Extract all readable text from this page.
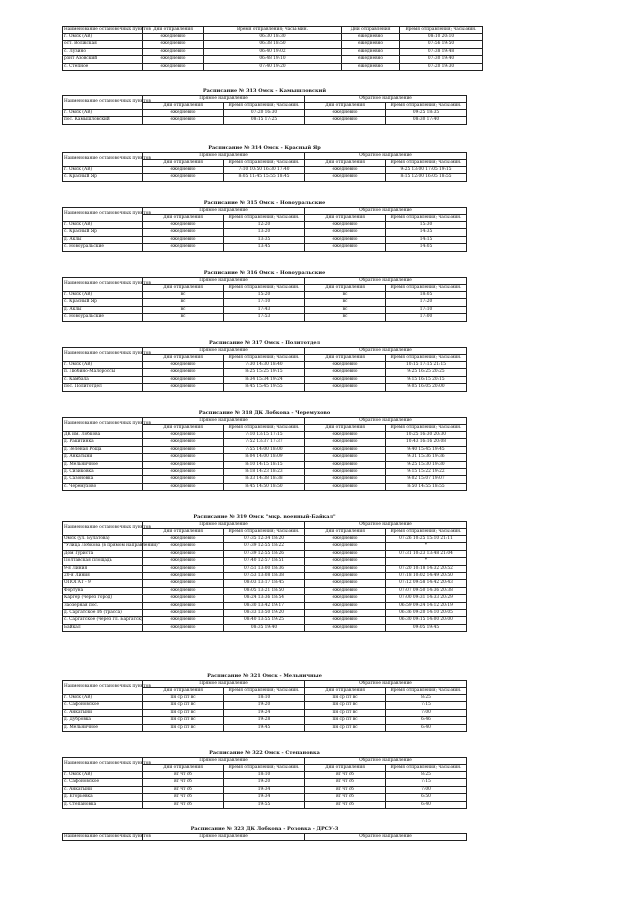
Наименование остановочных пунктов	Дни отправления	Время отправления; часы:мин.	Дни отправления	Время отправления; часы:мин.
г. Омск (АВ)	ежедневно	06:30 18:30	ежедневно	08:10 20:10
ост. Волжская	ежедневно	06:38 18:50	ежедневно	07:56 19:50
с. Лузино	ежедневно	06:40 19:02	ежедневно	07:38 19:48
рзнт Азовский	ежедневно	06:48 19:10	ежедневно	07:30 19:40
с. Степное	ежедневно	07:40 19:20	ежедневно	07:20 19:30
Расписание № 313 Омск - Камышловский
Наименование остановочных пунктов	Прямое направление		Обратное направление	
	Дни отправления	Время отправления; часы:мин.	Дни отправления	Время отправления; часы:мин.
г. Омск (АВ)	ежедневно	07:20 16:30	ежедневно	09:25 18:35
пос. Камышловский	ежедневно	08:15 17:25	ежедневно	08:30 17:40
Расписание № 314 Омск - Красный Яр
Наименование остановочных пунктов	Прямое направление		Обратное направление	
	Дни отправления	Время отправления; часы:мин.	Дни отправления	Время отправления; часы:мин.
г. Омск (АВ)	ежедневно	7:10 10:50 16:30 17:40	ежедневно	9:25 13:00 17:05 19:15
с. Красный Яр	ежедневно	8:05 11:45 15:55 18:45	ежедневно	8:15 12:00 16:05 18:55
Расписание № 315 Омск - Новоуральские
Наименование остановочных пунктов	Прямое направление		Обратное направление	
	Дни отправления	Время отправления; часы:мин.	Дни отправления	Время отправления; часы:мин.
г. Омск (АВ)	ежедневно	12:20	ежедневно	15:30
с. Красный Яр	ежедневно	13:20	ежедневно	14:35
д. Аклы	ежедневно	13:35	ежедневно	14:15
с. Новоуральские	ежедневно	13:45	ежедневно	14:05
Расписание № 316 Омск - Новоуральские
Наименование остановочных пунктов	Прямое направление		Обратное направление	
	Дни отправления	Время отправления; часы:мин.	Дни отправления	Время отправления; часы:мин.
г. Омск (АВ)	вс	15:20	вс	18:05
с. Красный Яр	вс	17:10	вс	17:20
д. Аклы	вс	17:43	вс	17:10
с. Новоуральские	вс	17:53	вс	17:00
Расписание № 317 Омск - Политотдел
Наименование остановочных пунктов	Прямое направление		Обратное направление	
	Дни отправления	Время отправления; часы:мин.	Дни отправления	Время отправления; часы:мин.
г. Омск (АВ)	ежедневно	7:30 14:30 18:40	ежедневно	10:15 17:15 21:15
п. Любино-Малороссы	ежедневно	8:25 15:25 19:15	ежедневно	9:25 16:25 20:25
с. Камбала	ежедневно	8:34 15:34 19:24	ежедневно	9:15 16:15 20:15
пос. Политотдел	ежедневно	8:45 15:45 19:55	ежедневно	9:05 16:05 20:00
Расписание № 318 ДК Лобкова - Черемухово
Наименование остановочных пунктов	Прямое направление		Обратное направление	
	Дни отправления	Время отправления; часы:мин.	Дни отправления	Время отправления; часы:мин.
ДК им. Лобкова	ежедневно	7:10 13:15 17:15	ежедневно	10:25 16:30 20:30
д. Ракитинка	ежедневно	7:52 13:37 17:37	ежедневно	10:43 16:16 20:08
д. Зеленая Роща	ежедневно	7:55 14:00 18:00	ежедневно	9:40 15:45 19:45
д. Анкатыни	ежедневно	8:04 14:00 18:09	ежедневно	9:31 15:36 19:36
д. Мельничное	ежедневно	8:10 14:15 18:15	ежедневно	9:25 15:30 19:30
д. Сизиковка	ежедневно	8:18 14:23 18:23	ежедневно	9:15 15:22 19:22
д. Сазоновка	ежедневно	8:33 14:38 18:38	ежедневно	9:02 15:07 19:07
с. Черемухово	ежедневно	8:45 14:50 18:50	ежедневно	8:50 14:55 18:55
Расписание № 319 Омск "мкр. военный-Байкал"
Наименование остановочных пунктов	Прямое направление		Обратное направление	
	Дни отправления	Время отправления; часы:мин.	Дни отправления	Время отправления; часы:мин.
Омск (ул. Булатова)	ежедневно	07:35 12:34 18:20	ежедневно	07:26 10:25 15:10 21:11
"Улица Лобкова (в прямом направлении)"	ежедневно	07:39 12:55 18:22	ежедневно	*
Дом Туриста	ежедневно	07:39 12:55 18:26	ежедневно	07:31 10:23 13:48 21:04
Полтавская площадь	ежедневно	07:40 12:57 18:51	ежедневно	*
9-я Линия	ежедневно	07:51 13:00 18:36	ежедневно	07:20 10:18 14:32 20:52
20-я Линия	ежедневно	07:53 13:08 18:38	ежедневно	07:18 10:02 14:49 20:50
ОПОГАТ - 9	ежедневно	08:03 13:17 18:45	ежедневно	07:12 09:58 14:42 20:43
Фортуна	ежедневно	08:05 13:21 18:50	ежедневно	07:07 09:50 14:36 20:38
Каргер (через город)	ежедневно	08:24 13:36 18:54	ежедневно	07:00 09:31 14:33 20:29
Заозерная пос.	ежедневно	08:30 13:42 19:17	ежедневно	06:59 09:24 14:12 20:19
д. Саргатское лб (трасса)	ежедневно	08:33 13:50 19:20	ежедневно	06:36 09:20 14:10 20:05
с. Саргатское (через гл. Баргатск)	ежедневно	08:40 13:55 19:25	ежедневно	06:30 09:15 14:00 20:00
Байкал	ежедневно	08:35 19:40	ежедневно	09:05 19:45
Расписание № 321 Омск - Мельничные
Наименование остановочных пунктов	Прямое направление		Обратное направление	
	Дни отправления	Время отправления; часы:мин.	Дни отправления	Время отправления; часы:мин.
г. Омск (АВ)	пн ср пт вс	18:10	пн ср пт вс	8:25
с. Сафоновское	пн ср пт вс	19:20	пн ср пт вс	7:15
с. Анкатыни	пн ср пт вс	19:24	пн ср пт вс	7:00
д. Дубровка	пн ср пт вс	19:28	пн ср пт вс	6:46
д. Мельничное	пн ср пт вс	19:45	пн ср пт вс	6:40
Расписание № 322 Омск - Степановка
Наименование остановочных пунктов	Прямое направление		Обратное направление	
	Дни отправления	Время отправления; часы:мин.	Дни отправления	Время отправления; часы:мин.
г. Омск (АВ)	вт чт сб	18:10	вт чт сб	8:25
с. Сафоновское	вт чт сб	19:20	вт чт сб	7:15
с. Анкатыни	вт чт сб	19:34	вт чт сб	7:00
д. Егорьевка	вт чт сб	19:34	вт чт сб	6:50
д. Степановка	вт чт сб	19:55	вт чт сб	6:40
Расписание № 323 ДК Лобкова - Розовка - ДРСУ-3
Наименование остановочных пунктов	Прямое направление	Обратное направление
